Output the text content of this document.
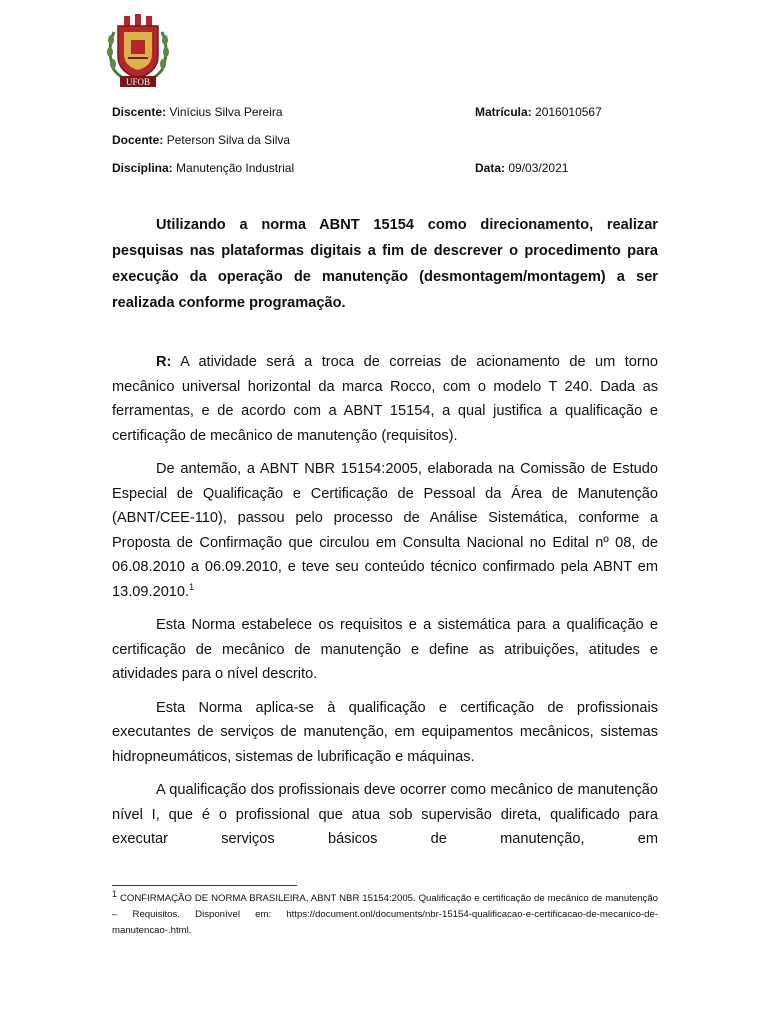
UFOB
Discente: Vinícius Silva Pereira	Matrícula: 2016010567
Docente: Peterson Silva da Silva
Disciplina: Manutenção Industrial	Data: 09/03/2021
Utilizando a norma ABNT 15154 como direcionamento, realizar pesquisas nas plataformas digitais a fim de descrever o procedimento para execução da operação de manutenção (desmontagem/montagem) a ser realizada conforme programação.

R: A atividade será a troca de correias de acionamento de um torno mecânico universal horizontal da marca Rocco, com o modelo T 240. Dada as ferramentas, e de acordo com a ABNT 15154, a qual justifica a qualificação e certificação de mecânico de manutenção (requisitos).

De antemão, a ABNT NBR 15154:2005, elaborada na Comissão de Estudo Especial de Qualificação e Certificação de Pessoal da Área de Manutenção (ABNT/CEE-110), passou pelo processo de Análise Sistemática, conforme a Proposta de Confirmação que circulou em Consulta Nacional no Edital nº 08, de 06.08.2010 a 06.09.2010, e teve seu conteúdo técnico confirmado pela ABNT em 13.09.2010.$^1$

Esta Norma estabelece os requisitos e a sistemática para a qualificação e certificação de mecânico de manutenção e define as atribuições, atitudes e atividades para o nível descrito.

Esta Norma aplica-se à qualificação e certificação de profissionais executantes de serviços de manutenção, em equipamentos mecânicos, sistemas hidropneumáticos, sistemas de lubrificação e máquinas.

A qualificação dos profissionais deve ocorrer como mecânico de manutenção nível I, que é o profissional que atua sob supervisão direta, qualificado para executar serviços básicos de manutenção, em

$^1$ CONFIRMAÇÃO DE NORMA BRASILEIRA, ABNT NBR 15154:2005. Qualificação e certificação de mecânico de manutenção – Requisitos. Disponível em: https://document.onl/documents/nbr-15154-qualificacao-e-certificacao-de-mecanico-de-manutencao-.html.
